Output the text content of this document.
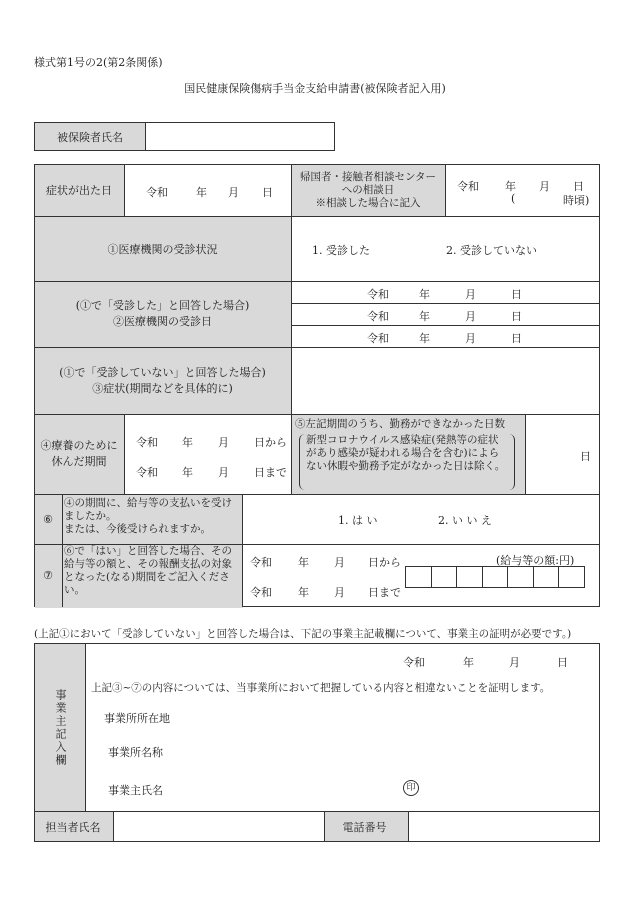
様式第1号の2(第2条関係)
国民健康保険傷病手当金支給申請書(被保険者記入用)
被保険者氏名
症状が出た日	令和	年 月 日
帰国者・接触者相談センター
への相談日
※相談した場合に記入
令和 年 月 日
(	時頃)
①医療機関の受診状況	1. 受診した	2. 受診していない
(①で「受診した」と回答した場合)
②医療機関の受診日
令和	年	月	日
令和	年	月	日
令和	年	月	日
(①で「受診していない」と回答した場合)
③症状(期間などを具体的に)
④療養のために
休んだ期間
令和 年 月 日から
令和 年 月 日まで
⑤左記期間のうち、勤務ができなかった日数
新型コロナウイルス感染症(発熱等の症状があり感染が疑われる場合を含む)によらない休暇や勤務予定がなかった日は除く。
日
⑥
④の期間に、給与等の支払いを受けましたか。
または、今後受けられますか。
1. は い	2. い い え
⑦
⑥で「はい」と回答した場合、その給与等の額と、その報酬支払の対象となった(なる)期間をご記入ください。
令和 年 月 日から
令和 年 月 日まで
(給与等の額:円)
(上記①において「受診していない」と回答した場合は、下記の事業主記載欄について、事業主の証明が必要です。)
事業主記入欄
令和	年	月	日
上記③~⑦の内容については、当事業所において把握している内容と相違ないことを証明します。
事業所所在地
事業所名称
事業主氏名	印
担当者氏名	電話番号
